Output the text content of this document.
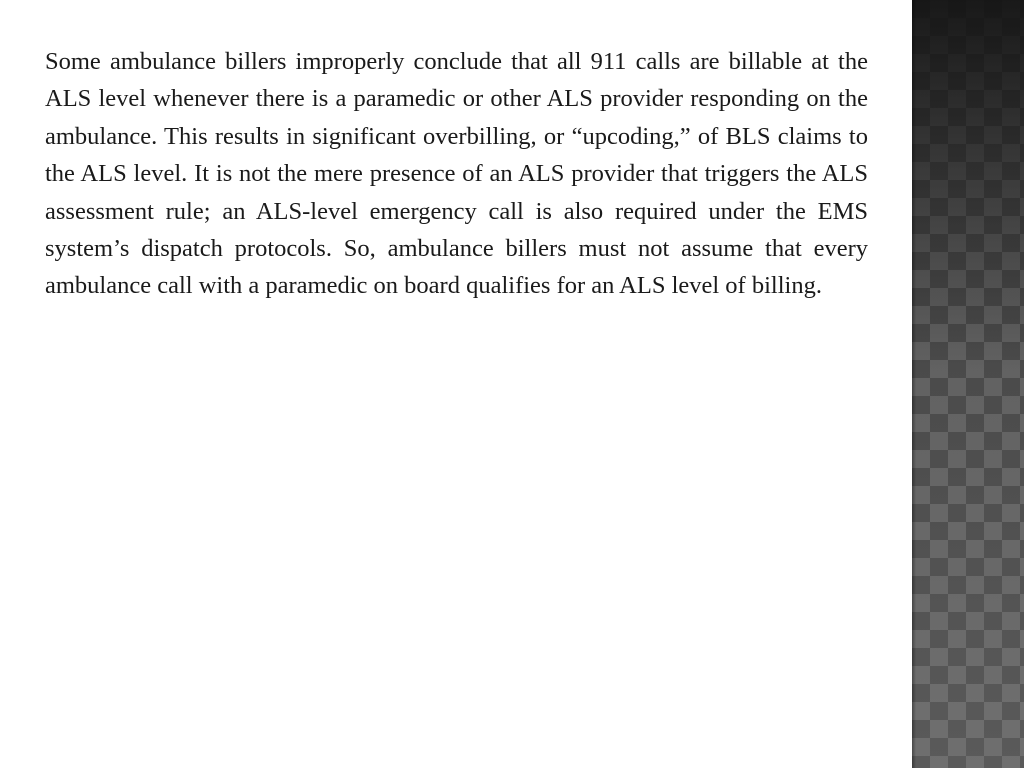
Some ambulance billers improperly conclude that all 911 calls are billable at the ALS level whenever there is a paramedic or other ALS provider responding on the ambulance. This results in significant overbilling, or “upcoding,” of BLS claims to the ALS level. It is not the mere presence of an ALS provider that triggers the ALS assessment rule; an ALS-level emergency call is also required under the EMS system’s dispatch protocols. So, ambulance billers must not assume that every ambulance call with a paramedic on board qualifies for an ALS level of billing.
